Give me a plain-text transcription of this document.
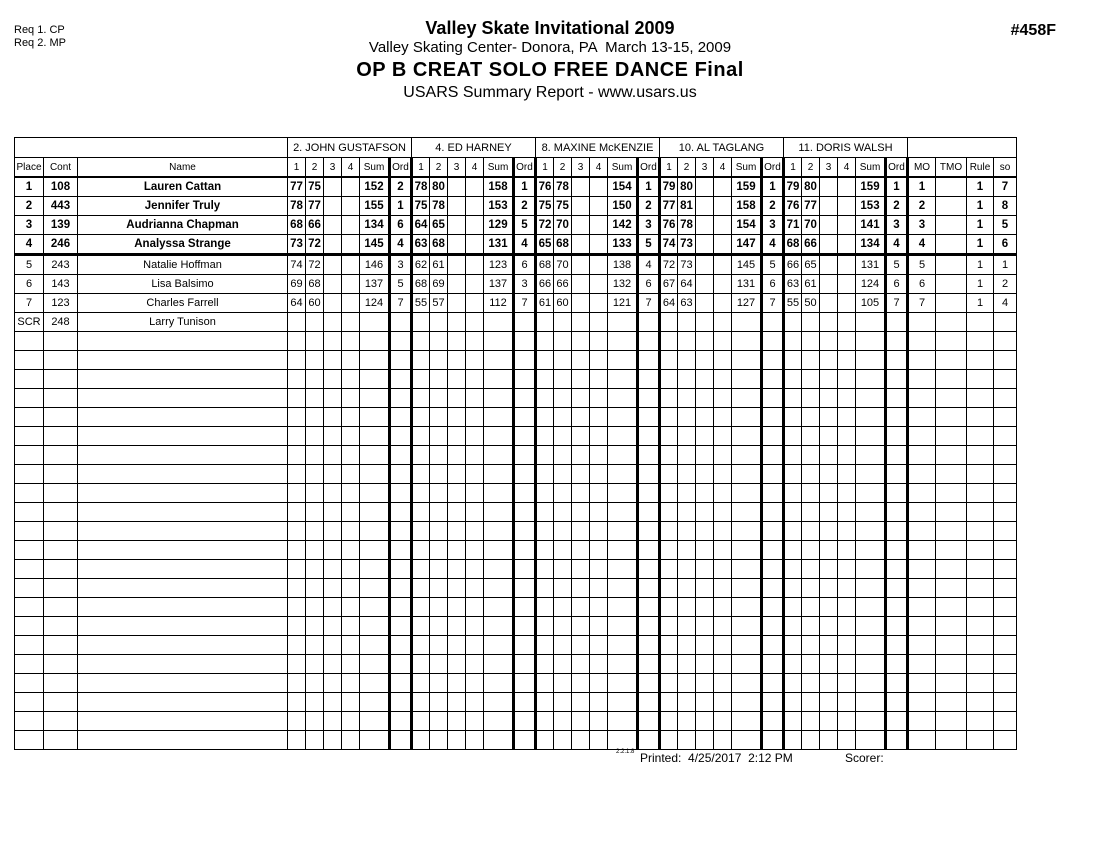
Req 1. CP
Req 2. MP
#458F
Valley Skate Invitational 2009
Valley Skating Center- Donora, PA  March 13-15, 2009
OP B CREAT SOLO FREE DANCE Final
USARS Summary Report - www.usars.us
			2. JOHN GUSTAFSON						4. ED HARNEY						8. MAXINE McKENZIE						10. AL TAGLANG						11. DORIS WALSH									
Place	Cont	Name	1	2	3	4	Sum	Ord	1	2	3	4	Sum	Ord	1	2	3	4	Sum	Ord	1	2	3	4	Sum	Ord	1	2	3	4	Sum	Ord	MO	TMO	Rule	so
1	108	Lauren Cattan	77	75			152	2	78	80			158	1	76	78			154	1	79	80			159	1	79	80			159	1	1		1	7
2	443	Jennifer Truly	78	77			155	1	75	78			153	2	75	75			150	2	77	81			158	2	76	77			153	2	2		1	8
3	139	Audrianna Chapman	68	66			134	6	64	65			129	5	72	70			142	3	76	78			154	3	71	70			141	3	3		1	5
4	246	Analyssa Strange	73	72			145	4	63	68			131	4	65	68			133	5	74	73			147	4	68	66			134	4	4		1	6
5	243	Natalie Hoffman	74	72			146	3	62	61			123	6	68	70			138	4	72	73			145	5	66	65			131	5	5		1	1
6	143	Lisa Balsimo	69	68			137	5	68	69			137	3	66	66			132	6	67	64			131	6	63	61			124	6	6		1	2
7	123	Charles Farrell	64	60			124	7	55	57			112	7	61	60			121	7	64	63			127	7	55	50			105	7	7		1	4
SCR	248	Larry Tunison																																		

2.2.1.8 Printed:  4/25/2017  2:12 PM	Scorer:
